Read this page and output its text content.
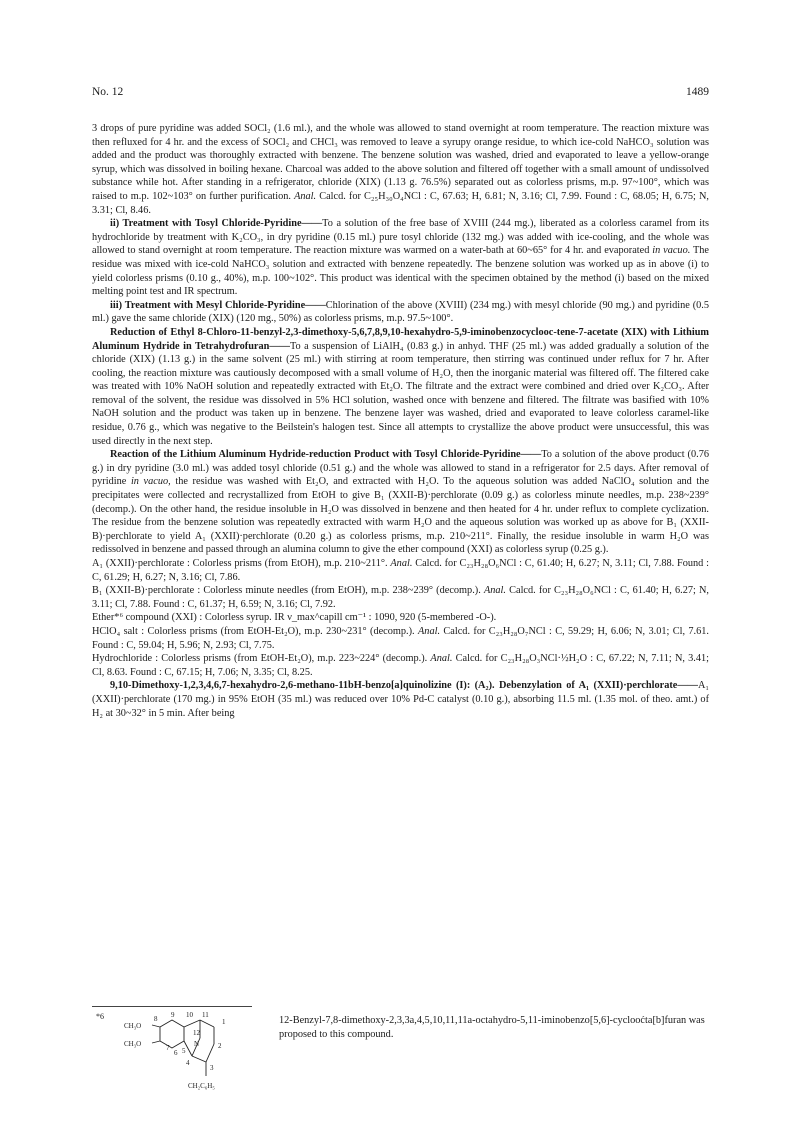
No. 12	1489

3 drops of pure pyridine was added SOCl₂ (1.6 ml.), and the whole was allowed to stand overnight at room temperature. The reaction mixture was then refluxed for 4 hr. and the excess of SOCl₂ and CHCl₃ was removed to leave a syrupy orange residue, to which ice-cold NaHCO₃ solution was added and the product was thoroughly extracted with benzene. The benzene solution was washed, dried and evaporated to leave a yellow-orange syrup, which was dissolved in boiling hexane. Charcoal was added to the above solution and filtered off together with a small amount of undissolved substance while hot. After standing in a refrigerator, chloride (XIX) (1.13 g. 76.5%) separated out as colorless prisms, m.p. 97~100°, which was raised to m.p. 102~103° on further purification. Anal. Calcd. for C₂₅H₃₀O₄NCl : C, 67.63; H, 6.81; N, 3.16; Cl, 7.99. Found : C, 68.05; H, 6.75; N, 3.31; Cl, 8.46.

ii) Treatment with Tosyl Chloride-Pyridine——To a solution of the free base of XVIII (244 mg.), liberated as a colorless caramel from its hydrochloride by treatment with K₂CO₃, in dry pyridine (0.15 ml.) pure tosyl chloride (132 mg.) was added with ice-cooling, and the whole was allowed to stand overnight at room temperature. The reaction mixture was warmed on a water-bath at 60~65° for 4 hr. and evaporated in vacuo. The residue was mixed with ice-cold NaHCO₃ solution and extracted with benzene repeatedly. The benzene solution was worked up as in above (i) to yield colorless prisms (0.10 g., 40%), m.p. 100~102°. This product was identical with the specimen obtained by the method (i) based on the mixed melting point test and IR spectrum.

iii) Treatment with Mesyl Chloride-Pyridine——Chlorination of the above (XVIII) (234 mg.) with mesyl chloride (90 mg.) and pyridine (0.5 ml.) gave the same chloride (XIX) (120 mg., 50%) as colorless prisms, m.p. 97.5~100°.

Reduction of Ethyl 8-Chloro-11-benzyl-2,3-dimethoxy-5,6,7,8,9,10-hexahydro-5,9-iminobenzocyclooc-tene-7-acetate (XIX) with Lithium Aluminum Hydride in Tetrahydrofuran——To a suspension of LiAlH₄ (0.83 g.) in anhyd. THF (25 ml.) was added gradually a solution of the chloride (XIX) (1.13 g.) in the same solvent (25 ml.) with stirring at room temperature, then stirring was continued under reflux for 7 hr. After cooling, the reaction mixture was cautiously decomposed with a small volume of H₂O, then the inorganic material was filtered off. The filtered cake was treated with 10% NaOH solution and repeatedly extracted with Et₂O. The filtrate and the extract were combined and dried over K₂CO₃. After removal of the solvent, the residue was dissolved in 5% HCl solution, washed once with benzene and filtered. The filtrate was basified with 10% NaOH solution and the product was taken up in benzene. The benzene layer was washed, dried and evaporated to leave colorless caramel-like residue, 0.76 g., which was negative to the Beilstein's halogen test. Since all attempts to crystallize the above product were unsuccessful, this was used directly in the next step.

Reaction of the Lithium Aluminum Hydride-reduction Product with Tosyl Chloride-Pyridine——To a solution of the above product (0.76 g.) in dry pyridine (3.0 ml.) was added tosyl chloride (0.51 g.) and the whole was allowed to stand in a refrigerator for 2.5 days. After removal of pyridine in vacuo, the residue was washed with Et₂O, and extracted with H₂O. To the aqueous solution was added NaClO₄ solution and the precipitates were collected and recrystallized from EtOH to give B₁ (XXII-B)·perchlorate (0.09 g.) as colorless minute needles, m.p. 238~239° (decomp.). On the other hand, the residue insoluble in H₂O was dissolved in benzene and then heated for 4 hr. under reflux to complete cyclization. The residue from the benzene solution was repeatedly extracted with warm H₂O and the aqueous solution was worked up as above for B₁ (XXII-B)·perchlorate to yield A₁ (XXII)·perchlorate (0.20 g.) as colorless prisms, m.p. 210~211°. Finally, the residue insoluble in warm H₂O was redissolved in benzene and passed through an alumina column to give the ether compound (XXI) as colorless syrup (0.25 g.).

A₁ (XXII)·perchlorate : Colorless prisms (from EtOH), m.p. 210~211°. Anal. Calcd. for C₂₃H₂₈O₆NCl : C, 61.40; H, 6.27; N, 3.11; Cl, 7.88. Found : C, 61.29; H, 6.27; N, 3.16; Cl, 7.86.

B₁ (XXII-B)·perchlorate : Colorless minute needles (from EtOH), m.p. 238~239° (decomp.). Anal. Calcd. for C₂₃H₂₈O₆NCl : C, 61.40; H, 6.27; N, 3.11; Cl, 7.88. Found : C, 61.37; H, 6.59; N, 3.16; Cl, 7.92.

Ether*⁶ compound (XXI) : Colorless syrup. IR ν_max^capill cm⁻¹ : 1090, 920 (5-membered -O-).

HClO₄ salt : Colorless prisms (from EtOH-Et₂O), m.p. 230~231° (decomp.). Anal. Calcd. for C₂₃H₂₈O₇NCl : C, 59.29; H, 6.06; N, 3.01; Cl, 7.61. Found : C, 59.04; H, 5.96; N, 2.93; Cl, 7.75.

Hydrochloride : Colorless prisms (from EtOH-Et₂O), m.p. 223~224° (decomp.). Anal. Calcd. for C₂₃H₂₈O₃NCl·½H₂O : C, 67.22; N, 7.11; N, 3.41; Cl, 8.63. Found : C, 67.15; H, 7.06; N, 3.35; Cl, 8.25.

9,10-Dimethoxy-1,2,3,4,6,7-hexahydro-2,6-methano-11bH-benzo[a]quinolizine (I): (A₂). Debenzylation of A₁ (XXII)·perchlorate——A₁ (XXII)·perchlorate (170 mg.) in 95% EtOH (35 ml.) was reduced over 10% Pd-C catalyst (0.10 g.), absorbing 11.5 ml. (1.35 mol. of theo. amt.) of H₂ at 30~32° in 5 min. After being

*6
CH₃O
CH₃O
8 9 10 11
1
2
3
4
5
6
7
12
N
CH₂C₆H₅
12-Benzyl-7,8-dimethoxy-2,3,3a,4,5,10,11,11a-octahydro-5,11-iminobenzo[5,6]-cyclooćta[b]furan was proposed to this compound.
